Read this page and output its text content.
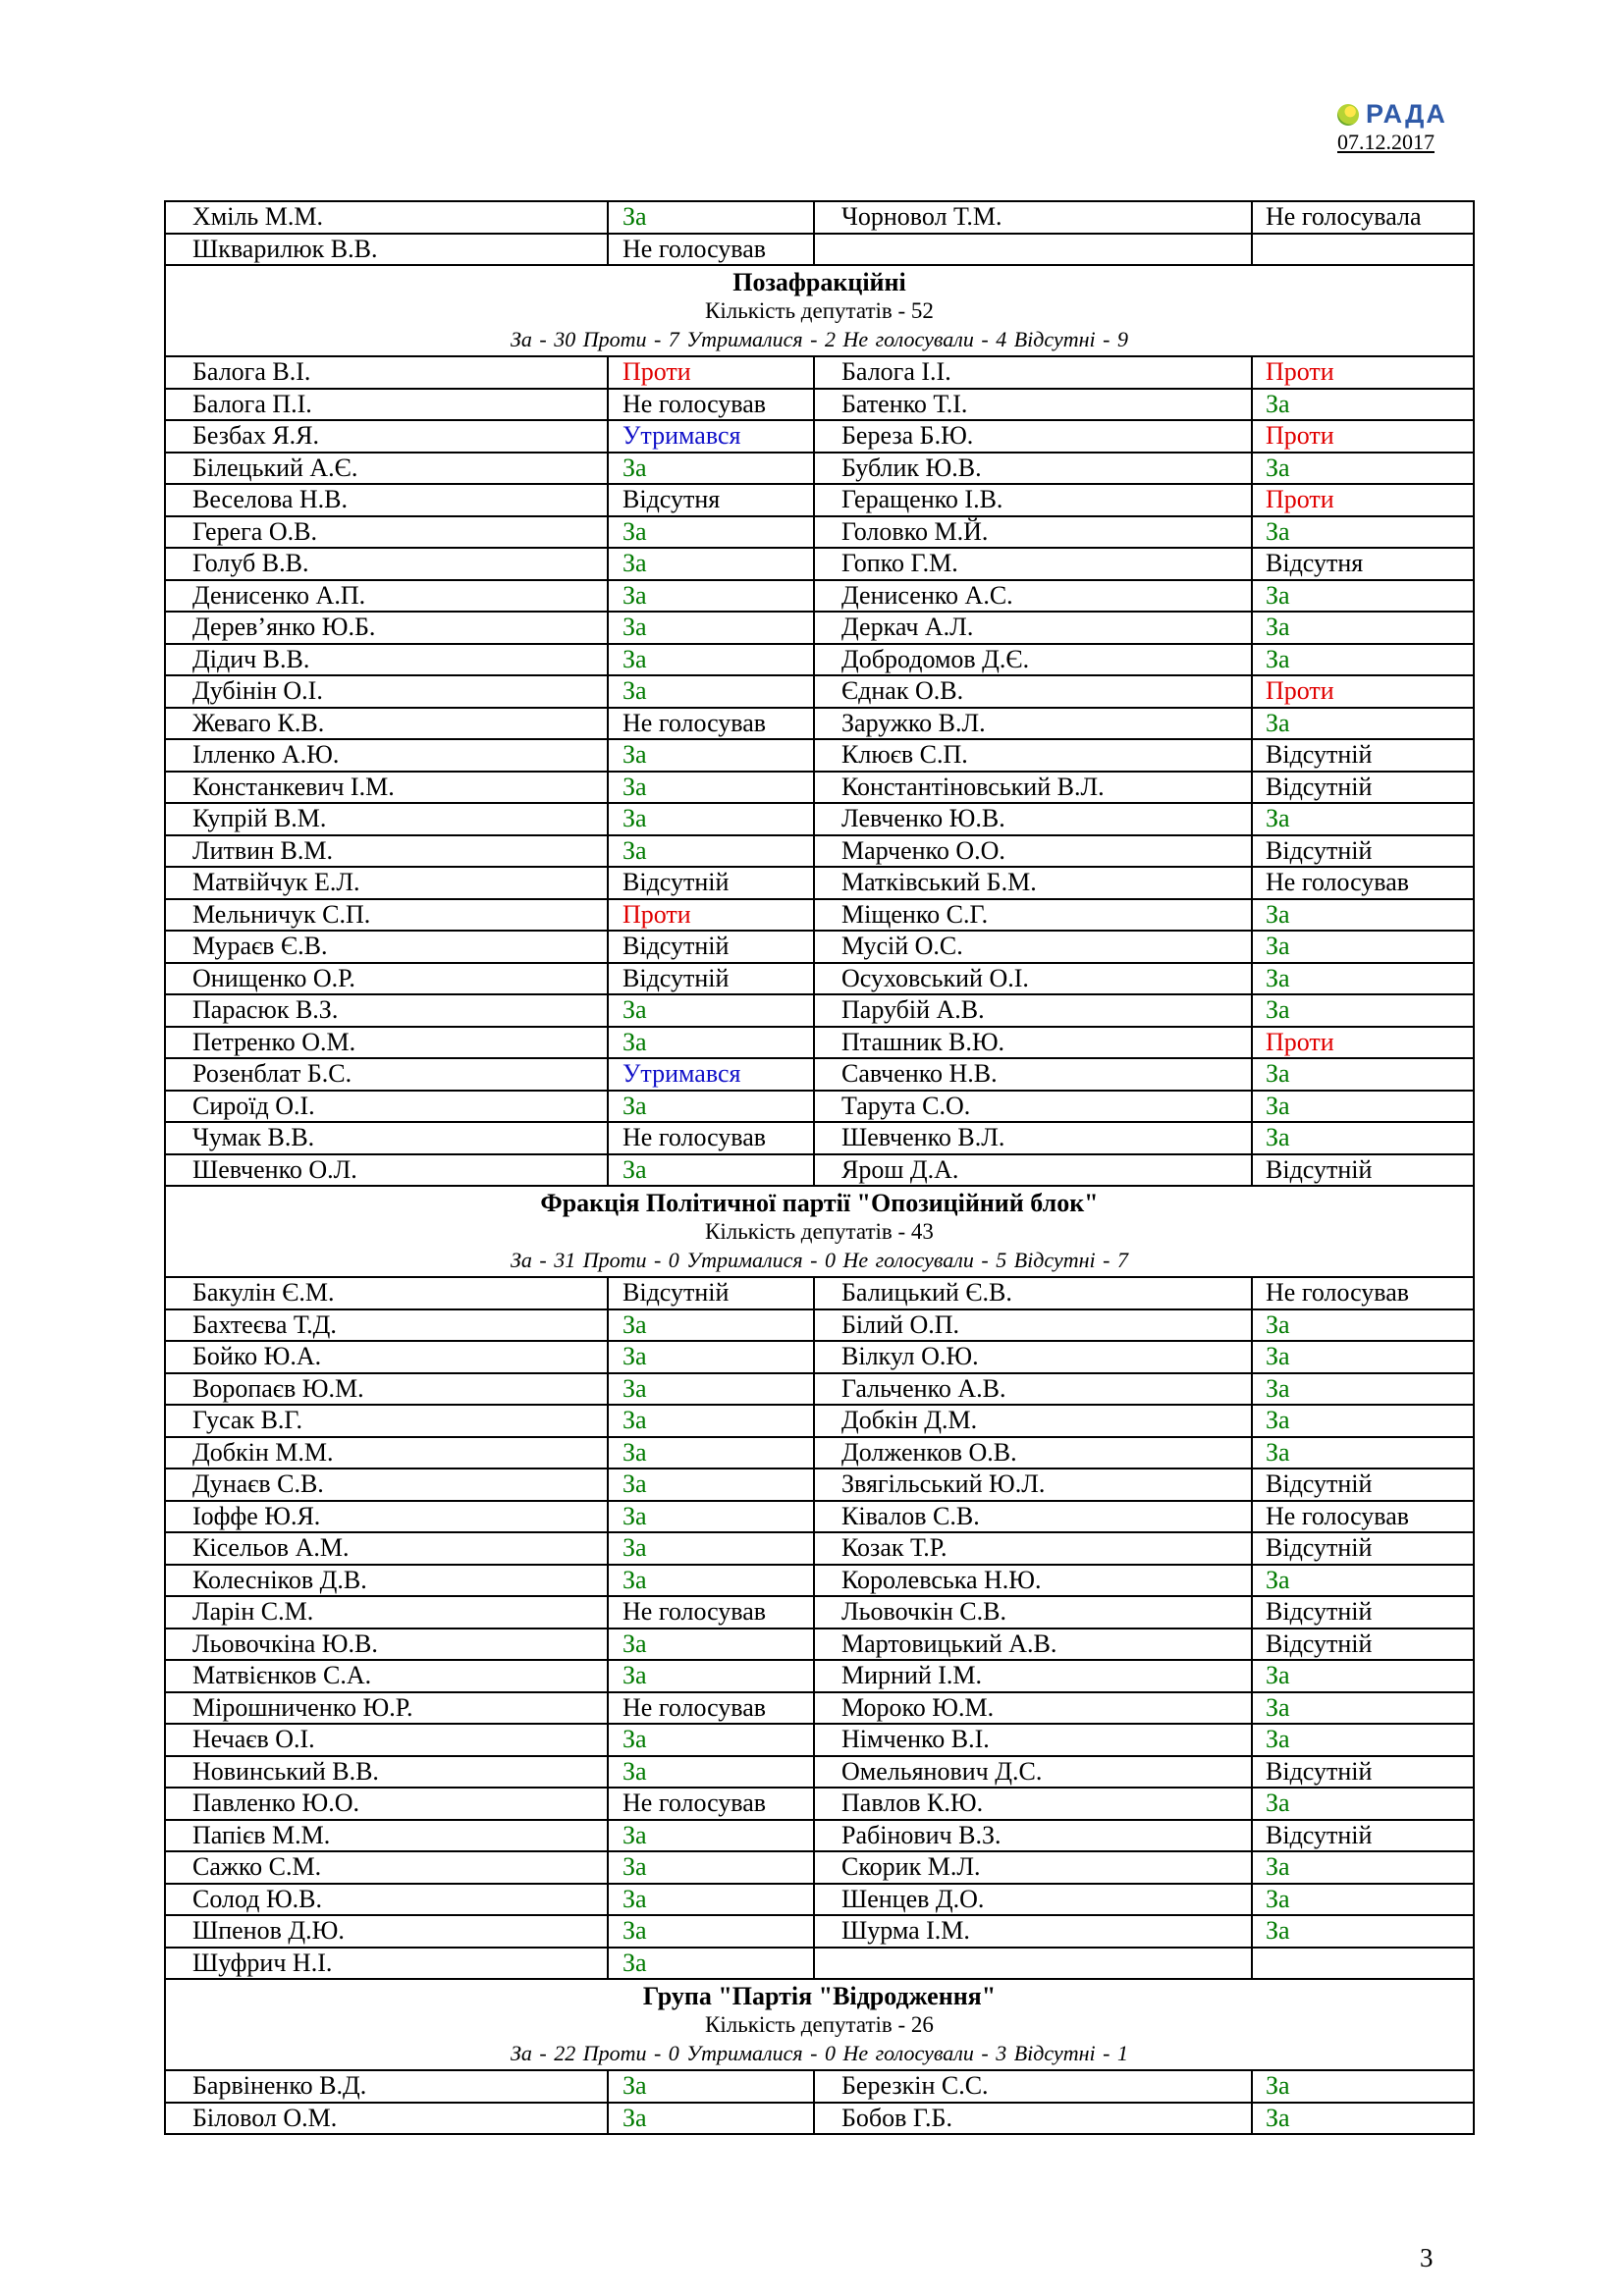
РАДА
07.12.2017
Хміль М.М.	За	Чорновол Т.М.	Не голосувала
Шкварилюк В.В.	Не голосував		

Позафракційні
Кількість депутатів - 52
За - 30 Проти - 7 Утрималися - 2 Не голосували - 4 Відсутні - 9			

Балога В.І.	Проти	Балога І.І.	Проти
Балога П.І.	Не голосував	Батенко Т.І.	За
Безбах Я.Я.	Утримався	Береза Б.Ю.	Проти
Білецький А.Є.	За	Бублик Ю.В.	За
Веселова Н.В.	Відсутня	Геращенко І.В.	Проти
Герега О.В.	За	Головко М.Й.	За
Голуб В.В.	За	Гопко Г.М.	Відсутня
Денисенко А.П.	За	Денисенко А.С.	За
Дерев’янко Ю.Б.	За	Деркач А.Л.	За
Дідич В.В.	За	Добродомов Д.Є.	За
Дубінін О.І.	За	Єднак О.В.	Проти
Жеваго К.В.	Не голосував	Заружко В.Л.	За
Ілленко А.Ю.	За	Клюєв С.П.	Відсутній
Констанкевич І.М.	За	Константіновський В.Л.	Відсутній
Купрій В.М.	За	Левченко Ю.В.	За
Литвин В.М.	За	Марченко О.О.	Відсутній
Матвійчук Е.Л.	Відсутній	Матківський Б.М.	Не голосував
Мельничук С.П.	Проти	Міщенко С.Г.	За
Мураєв Є.В.	Відсутній	Мусій О.С.	За
Онищенко О.Р.	Відсутній	Осуховський О.І.	За
Парасюк В.З.	За	Парубій А.В.	За
Петренко О.М.	За	Пташник В.Ю.	Проти
Розенблат Б.С.	Утримався	Савченко Н.В.	За
Сироїд О.І.	За	Тарута С.О.	За
Чумак В.В.	Не голосував	Шевченко В.Л.	За
Шевченко О.Л.	За	Ярош Д.А.	Відсутній

Фракція Політичної партії "Опозиційний блок"
Кількість депутатів - 43
За - 31 Проти - 0 Утрималися - 0 Не голосували - 5 Відсутні - 7			

Бакулін Є.М.	Відсутній	Балицький Є.В.	Не голосував
Бахтеєва Т.Д.	За	Білий О.П.	За
Бойко Ю.А.	За	Вілкул О.Ю.	За
Воропаєв Ю.М.	За	Гальченко А.В.	За
Гусак В.Г.	За	Добкін Д.М.	За
Добкін М.М.	За	Долженков О.В.	За
Дунаєв С.В.	За	Звягільський Ю.Л.	Відсутній
Іоффе Ю.Я.	За	Ківалов С.В.	Не голосував
Кісельов А.М.	За	Козак Т.Р.	Відсутній
Колесніков Д.В.	За	Королевська Н.Ю.	За
Ларін С.М.	Не голосував	Льовочкін С.В.	Відсутній
Льовочкіна Ю.В.	За	Мартовицький А.В.	Відсутній
Матвієнков С.А.	За	Мирний І.М.	За
Мірошниченко Ю.Р.	Не голосував	Мороко Ю.М.	За
Нечаєв О.І.	За	Німченко В.І.	За
Новинський В.В.	За	Омельянович Д.С.	Відсутній
Павленко Ю.О.	Не голосував	Павлов К.Ю.	За
Папієв М.М.	За	Рабінович В.З.	Відсутній
Сажко С.М.	За	Скорик М.Л.	За
Солод Ю.В.	За	Шенцев Д.О.	За
Шпенов Д.Ю.	За	Шурма І.М.	За
Шуфрич Н.І.	За		

Група "Партія "Відродження"
Кількість депутатів - 26
За - 22 Проти - 0 Утрималися - 0 Не голосували - 3 Відсутні - 1			

Барвіненко В.Д.	За	Березкін С.С.	За
Біловол О.М.	За	Бобов Г.Б.	За
3
